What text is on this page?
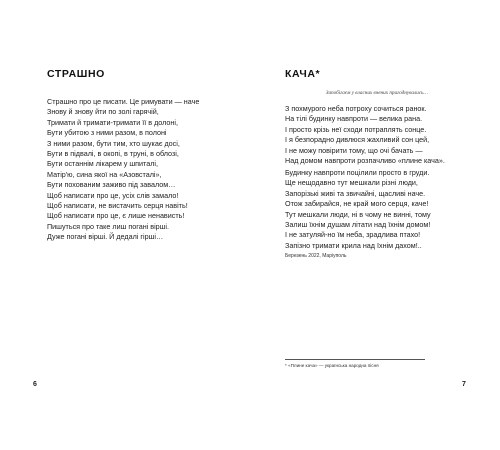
СТРАШНО
Страшно про це писати. Це римувати — наче
Знову й знову йти по золі гарячій,
Тримати й тримати-тримати її в долоні,
Бути убитою з ними разом, в полоні
З ними разом, бути тим, хто шукає досі,
Бути в підвалі, в окопі, в труні, в облозі,
Бути останнім лікарем у шпиталі,
Матір'ю, сина якої на «Азовсталі»,
Бути похованим заживо під завалом…
Щоб написати про це, усіх слів замало!
Щоб написати, не вистачить серця навіть!
Щоб написати про це, є лише ненависть!
Пишуться про таке лиш погані вірші.
Дуже погані вірші. Й дедалі гірші…
6
КАЧА*
Запобігаєм у власних вчених пригоднувались…
З похмурого неба потроху сочиться ранок.
На тілі будинку навпроти — велика рана.
І просто крізь неї сходи потраплять сонце.
І я безпорадно дивлюся жахливий сон цей,
І не можу повірити тому, що очі бачать —
Над домом навпроти розпачливо «плине кача».
Будинку навпроти поцілили просто в груди.
Ще нещодавно тут мешкали різні люди,
Запорізькі живі та звичайні, щасливі наче.
Отож забирайся, не край мого серця, каче!
Тут мешкали люди, ні в чому не винні, тому
Залиш їхнім душам літати над їхнім домом!
І не затуляй-но їм неба, зрадлива птахо!
Запізно тримати крила над їхнім дахом!..
Березень 2022, Маріуполь
* «Плине кача» — українська народна пісня
7
